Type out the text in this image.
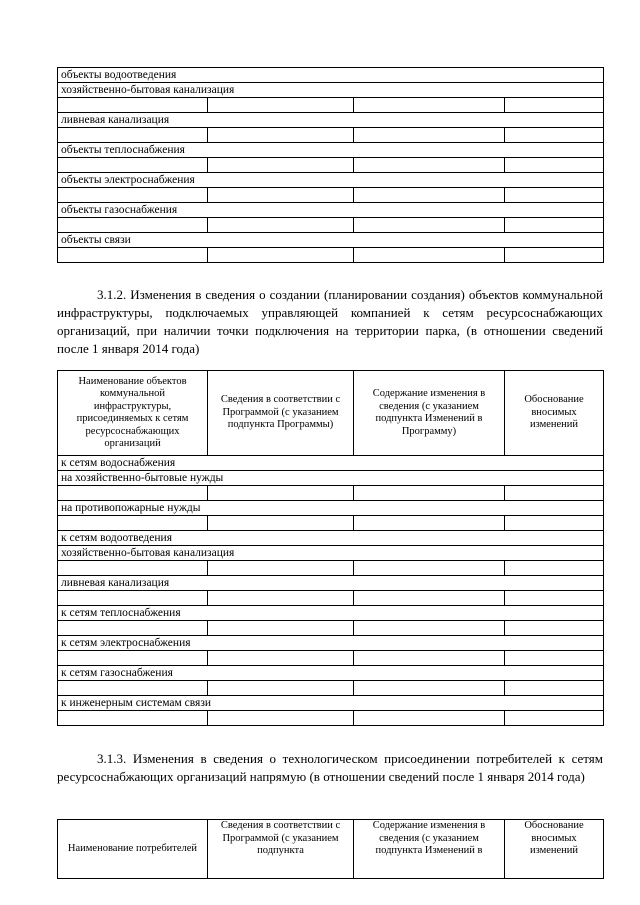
объекты водоотведения			
хозяйственно-бытовая канализация			

ливневая канализация			

объекты теплоснабжения			

объекты электроснабжения			

объекты газоснабжения			

объекты связи			

3.1.2. Изменения в сведения о создании (планировании создания) объектов коммунальной инфраструктуры, подключаемых управляющей компанией к сетям ресурсоснабжающих организаций, при наличии точки подключения на территории парка, (в отношении сведений после 1 января 2014 года)

Наименование объектов коммунальной инфраструктуры, присоединяемых к сетям ресурсоснабжающих организаций	Сведения в соответствии с Программой (с указанием подпункта Программы)	Содержание изменения в сведения (с указанием подпункта Изменений в Программу)	Обоснование вносимых изменений
к сетям водоснабжения			
на хозяйственно-бытовые нужды			

на противопожарные нужды			

к сетям водоотведения			
хозяйственно-бытовая канализация			

ливневая канализация			

к сетям теплоснабжения			

к сетям электроснабжения			

к сетям газоснабжения			

к инженерным системам связи			

3.1.3. Изменения в сведения о технологическом присоединении потребителей к сетям ресурсоснабжающих организаций напрямую (в отношении сведений после 1 января 2014 года)

Наименование потребителей	Сведения в соответствии с Программой (с указанием подпункта	Содержание изменения в сведения (с указанием подпункта Изменений в	Обоснование вносимых изменений
